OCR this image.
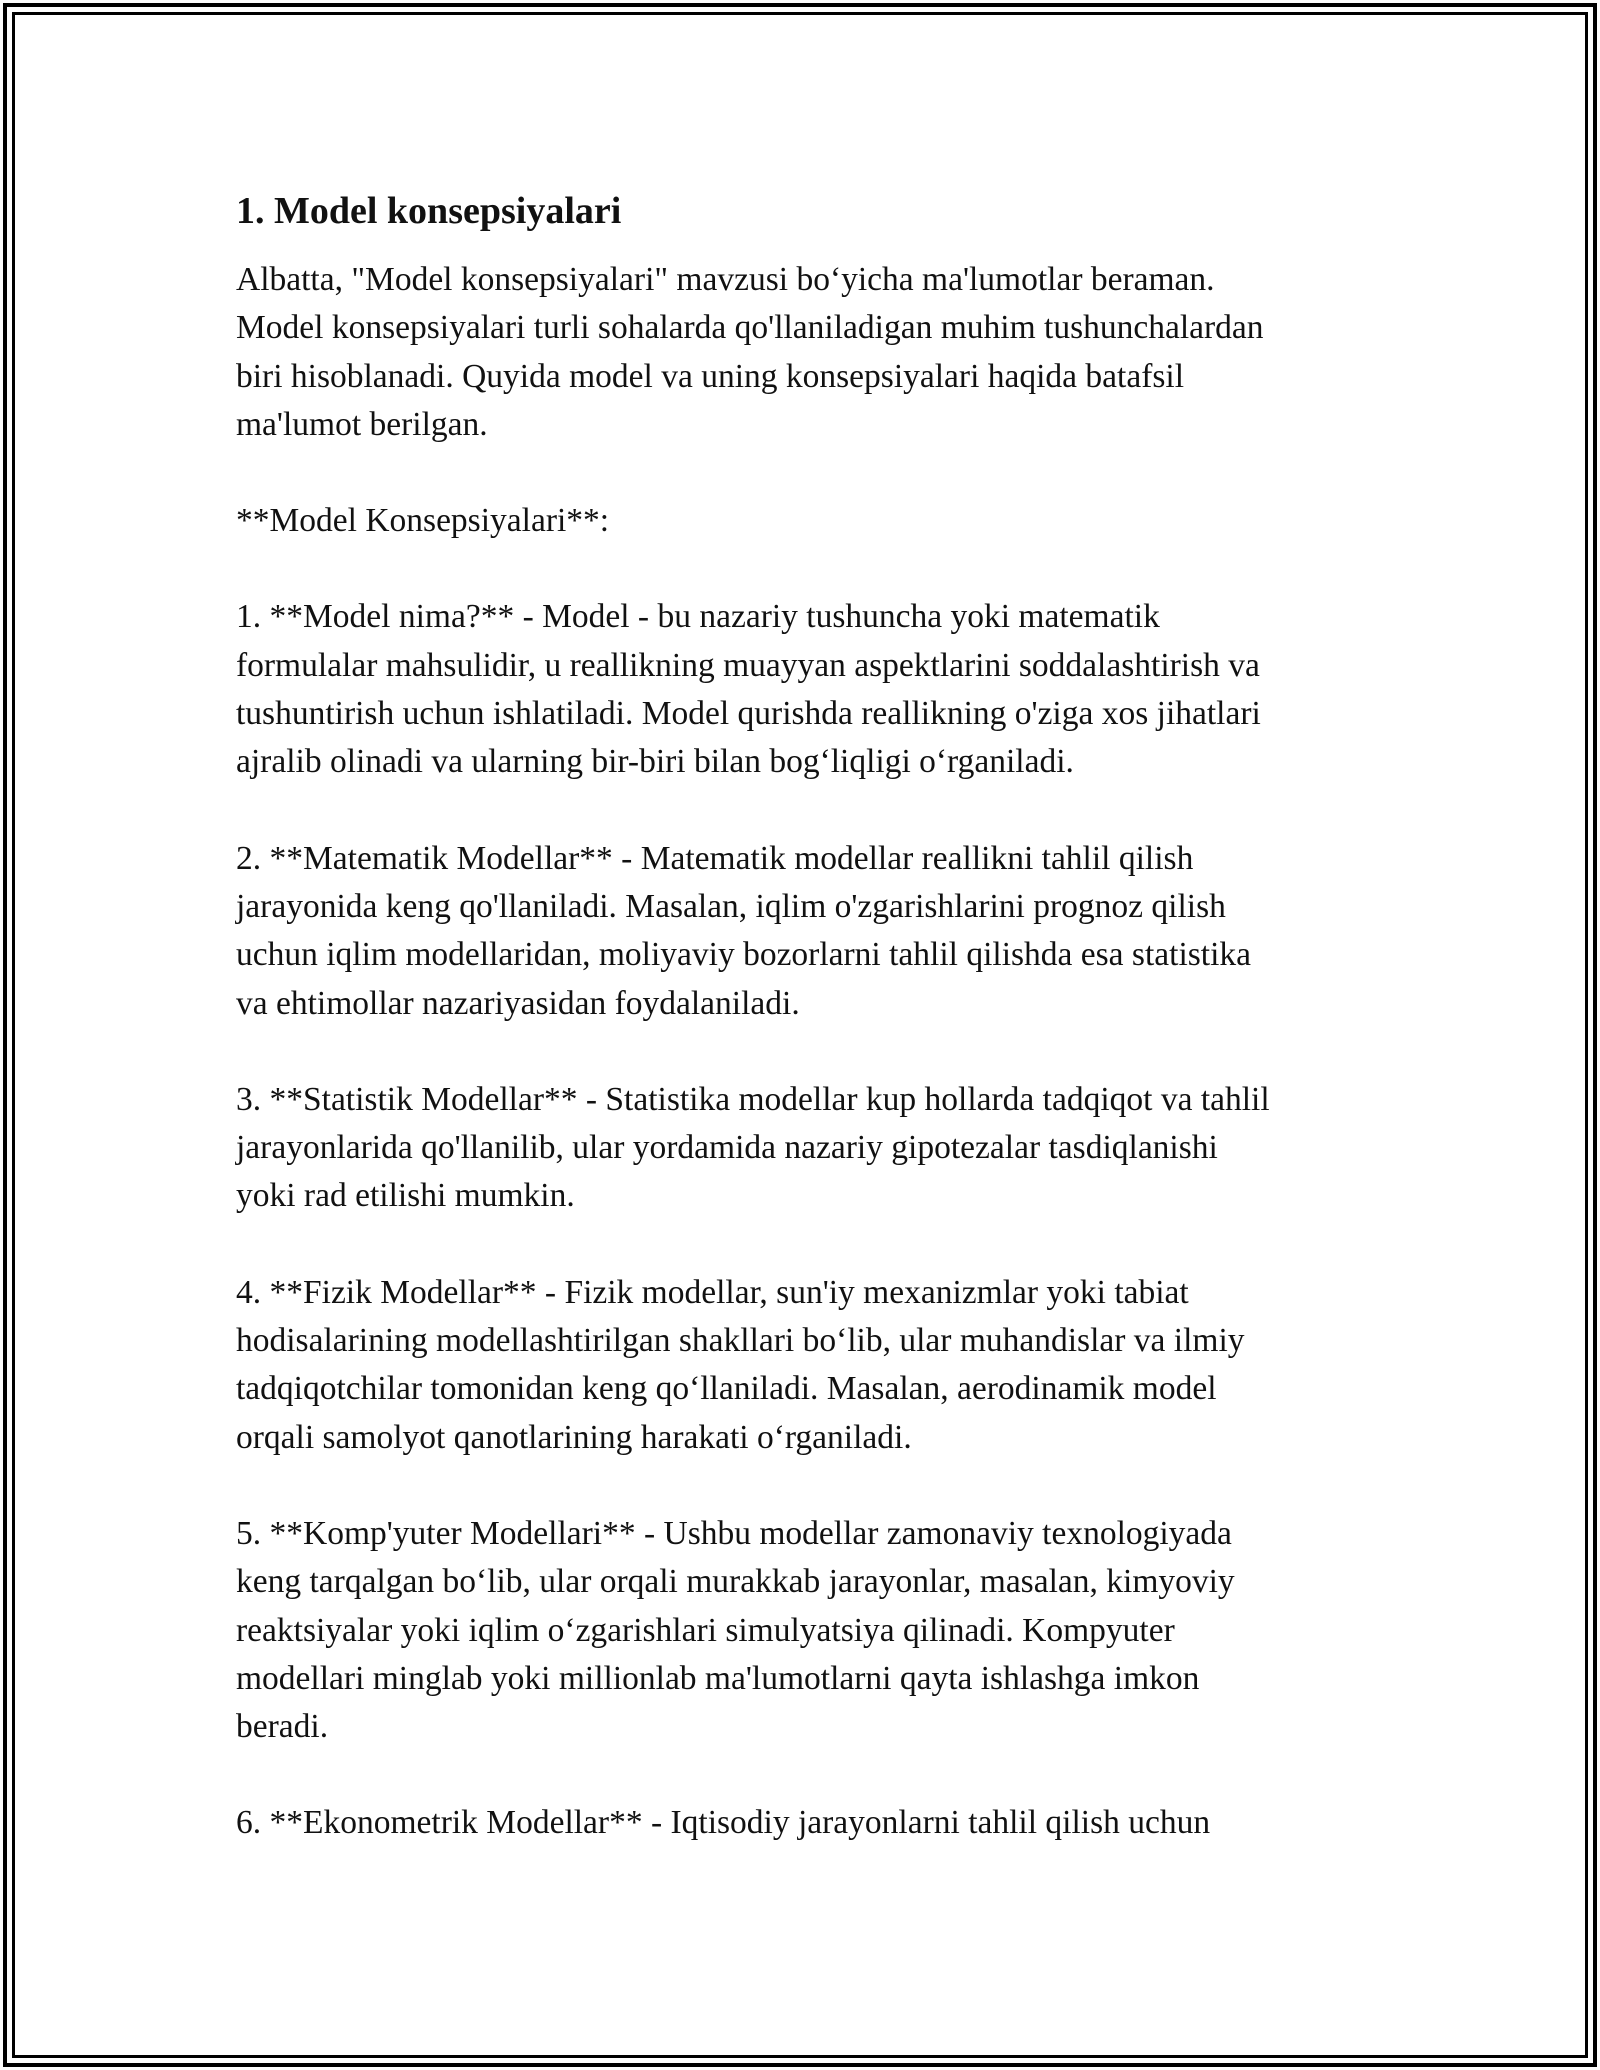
1. Model konsepsiyalari
Albatta, "Model konsepsiyalari" mavzusi bo‘yicha ma'lumotlar beraman.
Model konsepsiyalari turli sohalarda qo'llaniladigan muhim tushunchalardan
biri hisoblanadi. Quyida model va uning konsepsiyalari haqida batafsil
ma'lumot berilgan.
**Model Konsepsiyalari**:
1. **Model nima?** - Model - bu nazariy tushuncha yoki matematik
formulalar mahsulidir, u reallikning muayyan aspektlarini soddalashtirish va
tushuntirish uchun ishlatiladi. Model qurishda reallikning o'ziga xos jihatlari
ajralib olinadi va ularning bir-biri bilan bog‘liqligi o‘rganiladi.
2. **Matematik Modellar** - Matematik modellar reallikni tahlil qilish
jarayonida keng qo'llaniladi. Masalan, iqlim o'zgarishlarini prognoz qilish
uchun iqlim modellaridan, moliyaviy bozorlarni tahlil qilishda esa statistika
va ehtimollar nazariyasidan foydalaniladi.
3. **Statistik Modellar** - Statistika modellar kup hollarda tadqiqot va tahlil
jarayonlarida qo'llanilib, ular yordamida nazariy gipotezalar tasdiqlanishi
yoki rad etilishi mumkin.
4. **Fizik Modellar** - Fizik modellar, sun'iy mexanizmlar yoki tabiat
hodisalarining modellashtirilgan shakllari bo‘lib, ular muhandislar va ilmiy
tadqiqotchilar tomonidan keng qo‘llaniladi. Masalan, aerodinamik model
orqali samolyot qanotlarining harakati o‘rganiladi.
5. **Komp'yuter Modellari** - Ushbu modellar zamonaviy texnologiyada
keng tarqalgan bo‘lib, ular orqali murakkab jarayonlar, masalan, kimyoviy
reaktsiyalar yoki iqlim o‘zgarishlari simulyatsiya qilinadi. Kompyuter
modellari minglab yoki millionlab ma'lumotlarni qayta ishlashga imkon
beradi.
6. **Ekonometrik Modellar** - Iqtisodiy jarayonlarni tahlil qilish uchun
